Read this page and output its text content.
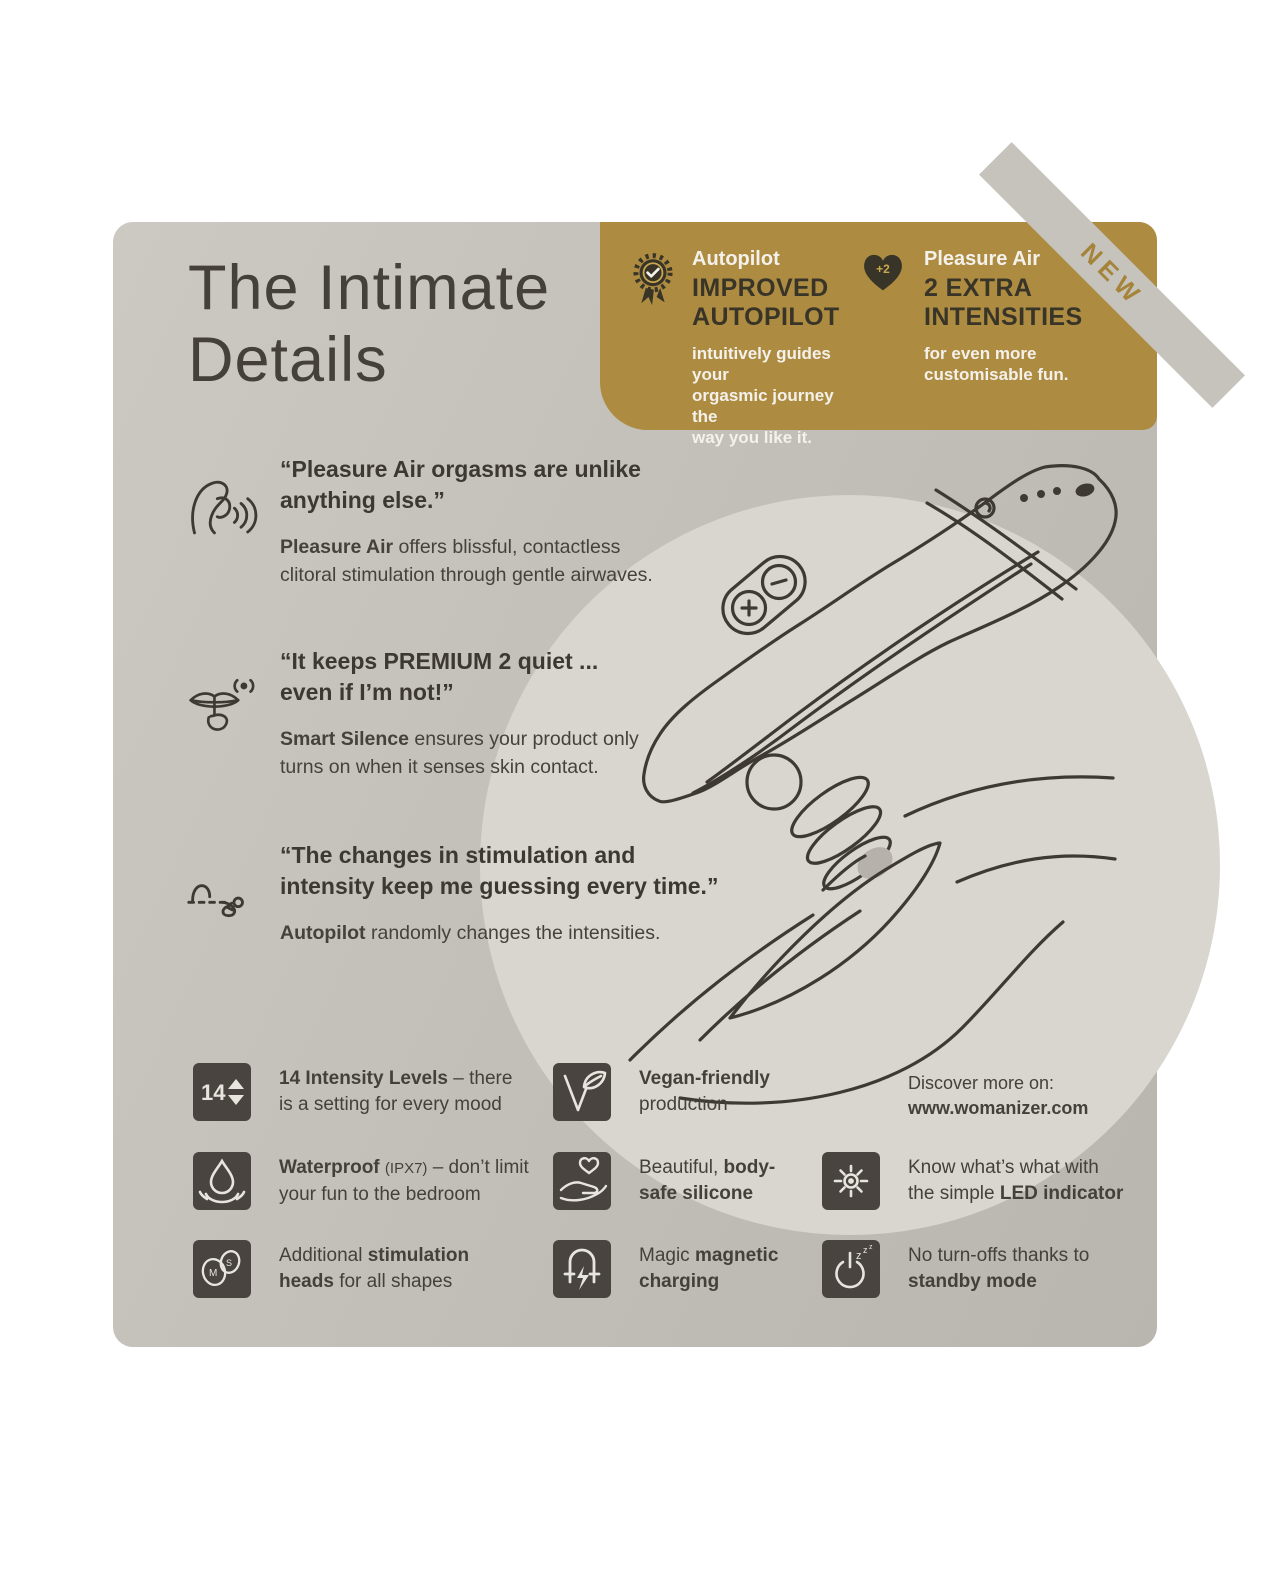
The Intimate
Details
NEW
Autopilot
IMPROVED
AUTOPILOT
intuitively guides your
orgasmic journey the
way you like it.
+2 Pleasure Air
2 EXTRA
INTENSITIES
for even more
customisable fun.
“Pleasure Air orgasms are unlike
anything else.”

Pleasure Air offers blissful, contactless
clitoral stimulation through gentle airwaves.

“It keeps PREMIUM 2 quiet ...
even if I’m not!”

Smart Silence ensures your product only
turns on when it senses skin contact.

“The changes in stimulation and
intensity keep me guessing every time.”

Autopilot randomly changes the intensities.

14
14 Intensity Levels – there
is a setting for every mood
Waterproof (IPX7) – don’t limit
your fun to the bedroom
S
M
Additional stimulation
heads for all shapes
Vegan-friendly
production
Beautiful, body-
safe silicone
Magic magnetic
charging
Discover more on:
www.womanizer.com
Know what’s what with
the simple LED indicator
z z z No turn-offs thanks to
standby mode
